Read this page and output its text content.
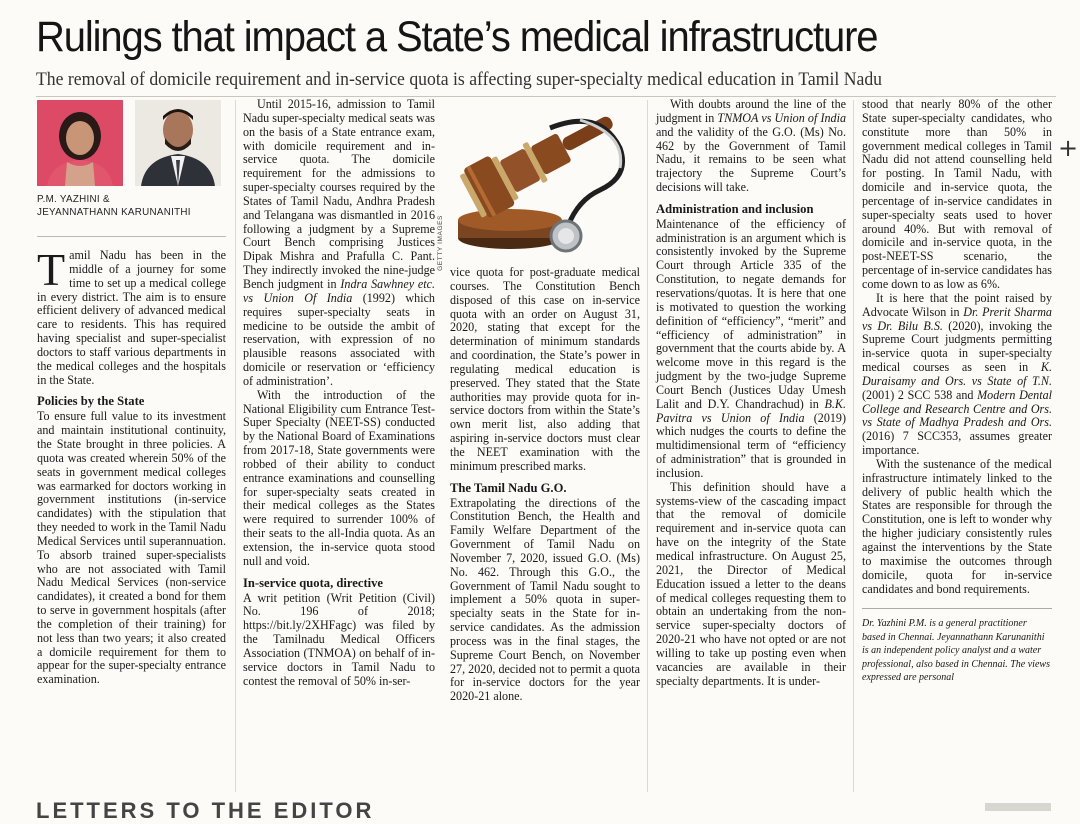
Rulings that impact a State’s medical infrastructure
The removal of domicile requirement and in-service quota is affecting super-specialty medical education in Tamil Nadu
P.M. YAZHINI &
JEYANNATHANN KARUNANITHI

Tamil Nadu has been in the middle of a journey for some time to set up a medical college in every district. The aim is to ensure efficient delivery of advanced medical care to residents. This has required having specialist and super-specialist doctors to staff various departments in the medical colleges and the hospitals in the State.

Policies by the State

To ensure full value to its investment and maintain institutional continuity, the State brought in three policies. A quota was created wherein 50% of the seats in government medical colleges was earmarked for doctors working in government institutions (in-service candidates) with the stipulation that they needed to work in the Tamil Nadu Medical Services until superannuation. To absorb trained super-specialists who are not associated with Tamil Nadu Medical Services (non-service candidates), it created a bond for them to serve in government hospitals (after the completion of their training) for not less than two years; it also created a domicile requirement for them to appear for the super-specialty entrance examination.

Until 2015-16, admission to Tamil Nadu super-specialty medical seats was on the basis of a State entrance exam, with domicile requirement and in-service quota. The domicile requirement for the admissions to super-specialty courses required by the States of Tamil Nadu, Andhra Pradesh and Telangana was dismantled in 2016 following a judgment by a Supreme Court Bench comprising Justices Dipak Mishra and Prafulla C. Pant. They indirectly invoked the nine-judge Bench judgment in Indra Sawhney etc. vs Union Of India (1992) which requires super-specialty seats in medicine to be outside the ambit of reservation, with expression of no plausible reasons associated with domicile or reservation or ‘efficiency of administration’.

With the introduction of the National Eligibility cum Entrance Test-Super Specialty (NEET-SS) conducted by the National Board of Examinations from 2017-18, State governments were robbed of their ability to conduct entrance examinations and counselling for super-specialty seats created in their medical colleges as the States were required to surrender 100% of their seats to the all-India quota. As an extension, the in-service quota stood null and void.

In-service quota, directive

A writ petition (Writ Petition (Civil) No. 196 of 2018; https://bit.ly/2XHFagc) was filed by the Tamilnadu Medical Officers Association (TNMOA) on behalf of in-service doctors in Tamil Nadu to contest the removal of 50% in-ser-

GETTY IMAGES

vice quota for post-graduate medical courses. The Constitution Bench disposed of this case on in-service quota with an order on August 31, 2020, stating that except for the determination of minimum standards and coordination, the State’s power in regulating medical education is preserved. They stated that the State authorities may provide quota for in-service doctors from within the State’s own merit list, also adding that aspiring in-service doctors must clear the NEET examination with the minimum prescribed marks.

The Tamil Nadu G.O.

Extrapolating the directions of the Constitution Bench, the Health and Family Welfare Department of the Government of Tamil Nadu on November 7, 2020, issued G.O. (Ms) No. 462. Through this G.O., the Government of Tamil Nadu sought to implement a 50% quota in super-specialty seats in the State for in-service candidates. As the admission process was in the final stages, the Supreme Court Bench, on November 27, 2020, decided not to permit a quota for in-service doctors for the year 2020-21 alone.

With doubts around the line of the judgment in TNMOA vs Union of India and the validity of the G.O. (Ms) No. 462 by the Government of Tamil Nadu, it remains to be seen what trajectory the Supreme Court’s decisions will take.

Administration and inclusion

Maintenance of the efficiency of administration is an argument which is consistently invoked by the Supreme Court through Article 335 of the Constitution, to negate demands for reservations/quotas. It is here that one is motivated to question the working definition of “efficiency”, “merit” and “efficiency of administration” in government that the courts abide by. A welcome move in this regard is the judgment by the two-judge Supreme Court Bench (Justices Uday Umesh Lalit and D.Y. Chandrachud) in B.K. Pavitra vs Union of India (2019) which nudges the courts to define the multidimensional term of “efficiency of administration” that is grounded in inclusion.

This definition should have a systems-view of the cascading impact that the removal of domicile requirement and in-service quota can have on the integrity of the State medical infrastructure. On August 25, 2021, the Director of Medical Education issued a letter to the deans of medical colleges requesting them to obtain an undertaking from the non-service super-specialty doctors of 2020-21 who have not opted or are not willing to take up posting even when vacancies are available in their specialty departments. It is under-

stood that nearly 80% of the other State super-specialty candidates, who constitute more than 50% in government medical colleges in Tamil Nadu did not attend counselling held for posting. In Tamil Nadu, with domicile and in-service quota, the percentage of in-service candidates in super-specialty seats used to hover around 40%. But with removal of domicile and in-service quota, in the post-NEET-SS scenario, the percentage of in-service candidates has come down to as low as 6%.

It is here that the point raised by Advocate Wilson in Dr. Prerit Sharma vs Dr. Bilu B.S. (2020), invoking the Supreme Court judgments permitting in-service quota in super-specialty medical courses as seen in K. Duraisamy and Ors. vs State of T.N. (2001) 2 SCC 538 and Modern Dental College and Research Centre and Ors. vs State of Madhya Pradesh and Ors. (2016) 7 SCC353, assumes greater importance.

With the sustenance of the medical infrastructure intimately linked to the delivery of public health which the States are responsible for through the Constitution, one is left to wonder why the higher judiciary consistently rules against the interventions by the State to maximise the outcomes through domicile, quota for in-service candidates and bond requirements.

Dr. Yazhini P.M. is a general practitioner based in Chennai. Jeyannathann Karunanithi is an independent policy analyst and a water professional, also based in Chennai. The views expressed are personal

+
LETTERS TO THE EDITOR
